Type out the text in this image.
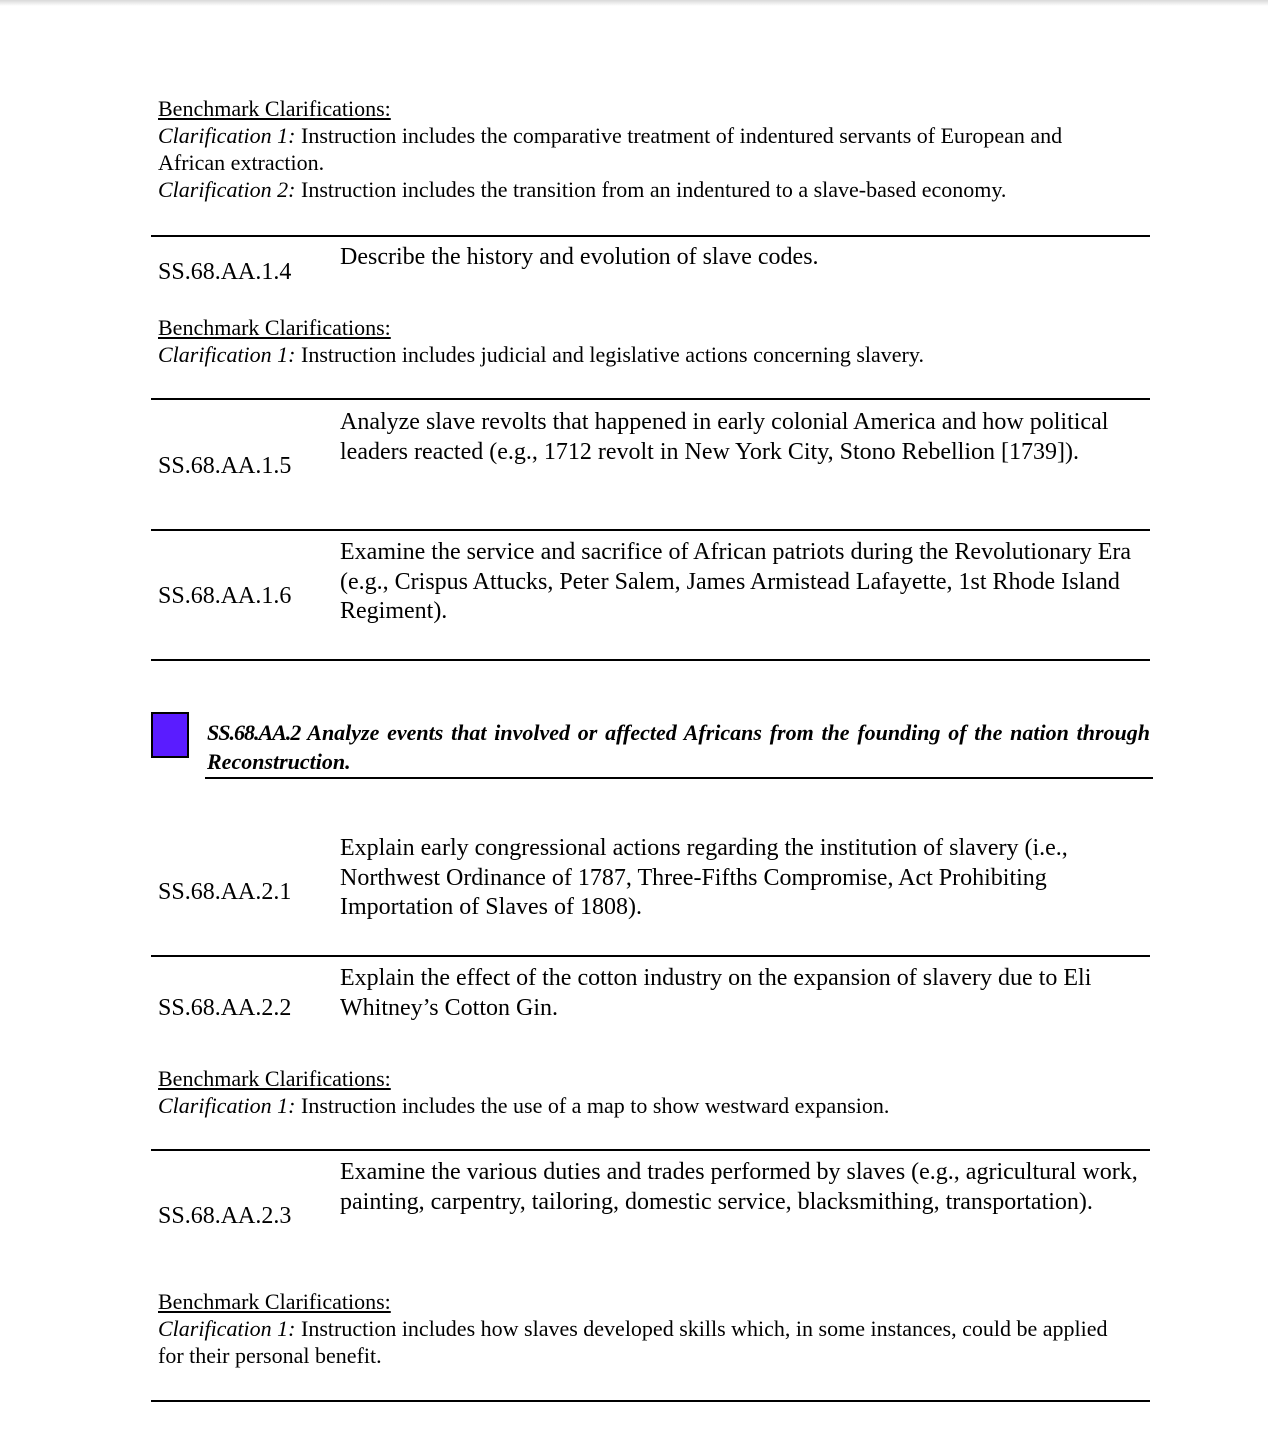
Benchmark Clarifications:
Clarification 1: Instruction includes the comparative treatment of indentured servants of European and
African extraction.
Clarification 2: Instruction includes the transition from an indentured to a slave-based economy.
SS.68.AA.1.4
Describe the history and evolution of slave codes.
Benchmark Clarifications:
Clarification 1: Instruction includes judicial and legislative actions concerning slavery.
SS.68.AA.1.5
Analyze slave revolts that happened in early colonial America and how political leaders reacted (e.g., 1712 revolt in New York City, Stono Rebellion [1739]).
SS.68.AA.1.6
Examine the service and sacrifice of African patriots during the Revolutionary Era (e.g., Crispus Attucks, Peter Salem, James Armistead Lafayette, 1st Rhode Island Regiment).
SS.68.AA.2 Analyze events that involved or affected Africans from the founding of the nation through Reconstruction.
SS.68.AA.2.1
Explain early congressional actions regarding the institution of slavery (i.e., Northwest Ordinance of 1787, Three-Fifths Compromise, Act Prohibiting Importation of Slaves of 1808).
SS.68.AA.2.2
Explain the effect of the cotton industry on the expansion of slavery due to Eli Whitney’s Cotton Gin.
Benchmark Clarifications:
Clarification 1: Instruction includes the use of a map to show westward expansion.
SS.68.AA.2.3
Examine the various duties and trades performed by slaves (e.g., agricultural work, painting, carpentry, tailoring, domestic service, blacksmithing, transportation).
Benchmark Clarifications:
Clarification 1: Instruction includes how slaves developed skills which, in some instances, could be applied for their personal benefit.
